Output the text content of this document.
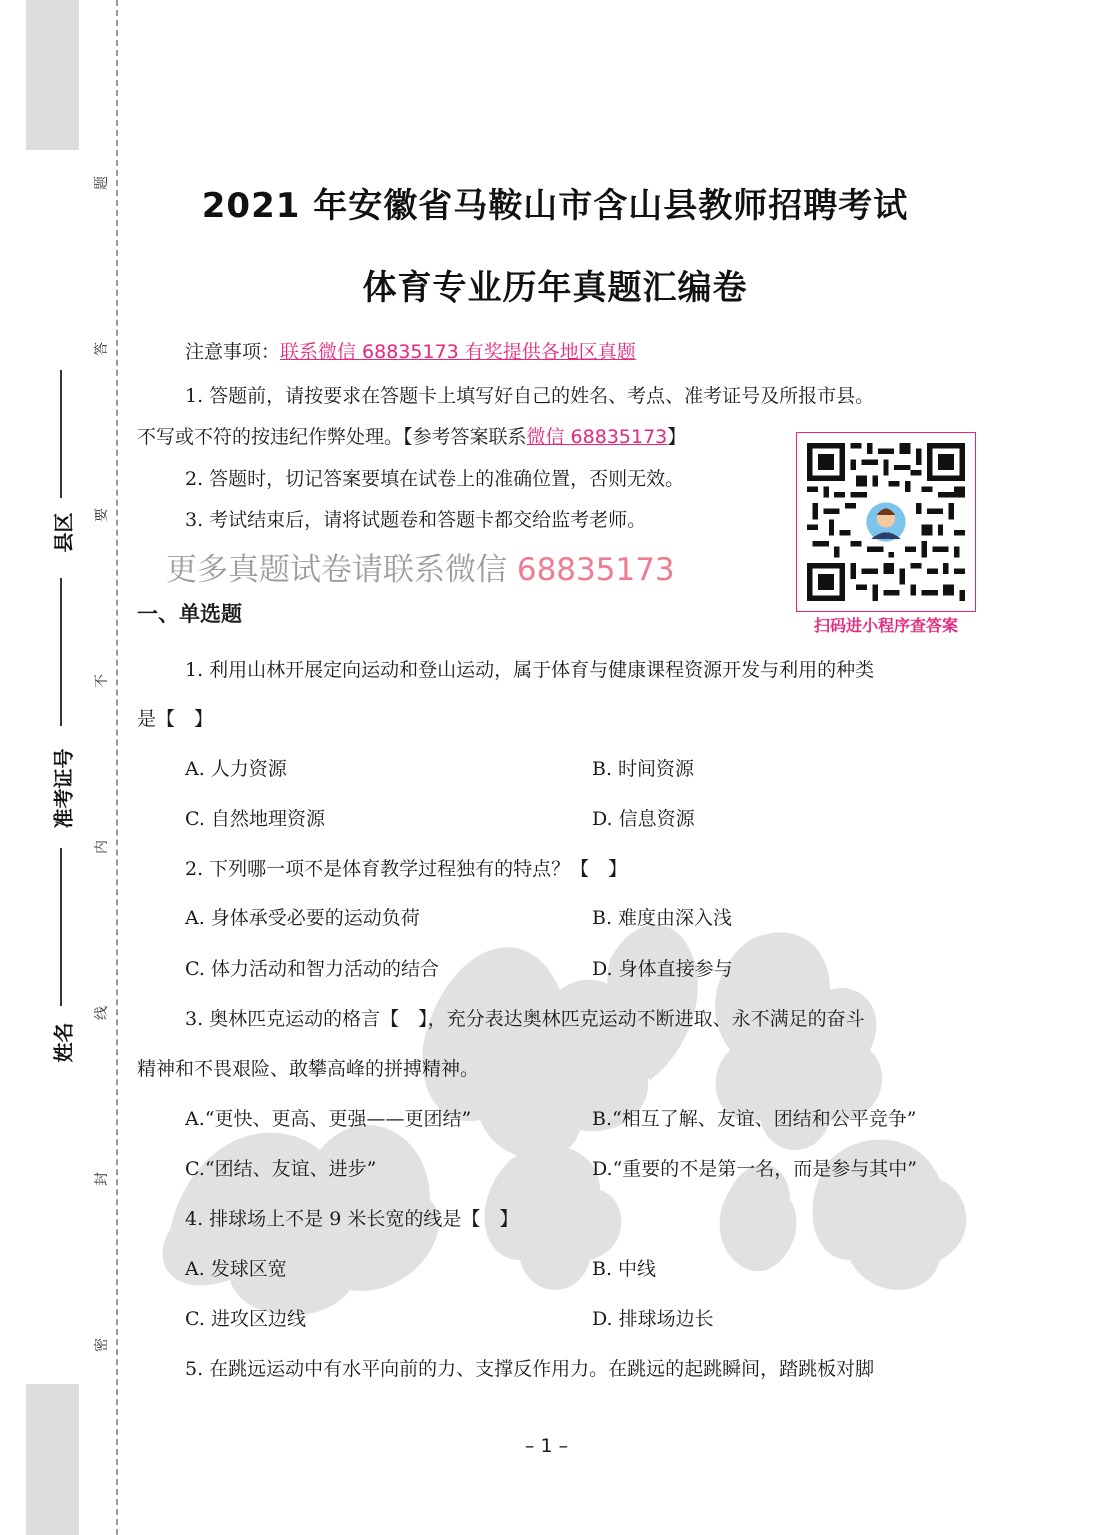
题
答
要
不
内
线
封
密
县区
准考证号
姓名
2021 年安徽省马鞍山市含山县教师招聘考试
体育专业历年真题汇编卷
注意事项：联系微信 68835173 有奖提供各地区真题
1. 答题前，请按要求在答题卡上填写好自己的姓名、考点、准考证号及所报市县。
不写或不符的按违纪作弊处理。【参考答案联系微信 68835173】
2. 答题时，切记答案要填在试卷上的准确位置，否则无效。
3. 考试结束后，请将试题卷和答题卡都交给监考老师。
更多真题试卷请联系微信 68835173
扫码进小程序查答案
一、单选题
1. 利用山林开展定向运动和登山运动，属于体育与健康课程资源开发与利用的种类
是【　】
A. 人力资源	B. 时间资源
C. 自然地理资源	D. 信息资源
2. 下列哪一项不是体育教学过程独有的特点？【　】
A. 身体承受必要的运动负荷	B. 难度由深入浅
C. 体力活动和智力活动的结合	D. 身体直接参与
3. 奥林匹克运动的格言【　】，充分表达奥林匹克运动不断进取、永不满足的奋斗
精神和不畏艰险、敢攀高峰的拼搏精神。
A.“更快、更高、更强——更团结”	B.“相互了解、友谊、团结和公平竞争”
C.“团结、友谊、进步”	D.“重要的不是第一名，而是参与其中”
4. 排球场上不是 9 米长宽的线是【　】
A. 发球区宽	B. 中线
C. 进攻区边线	D. 排球场边长
5. 在跳远运动中有水平向前的力、支撑反作用力。在跳远的起跳瞬间，踏跳板对脚
– 1 –
